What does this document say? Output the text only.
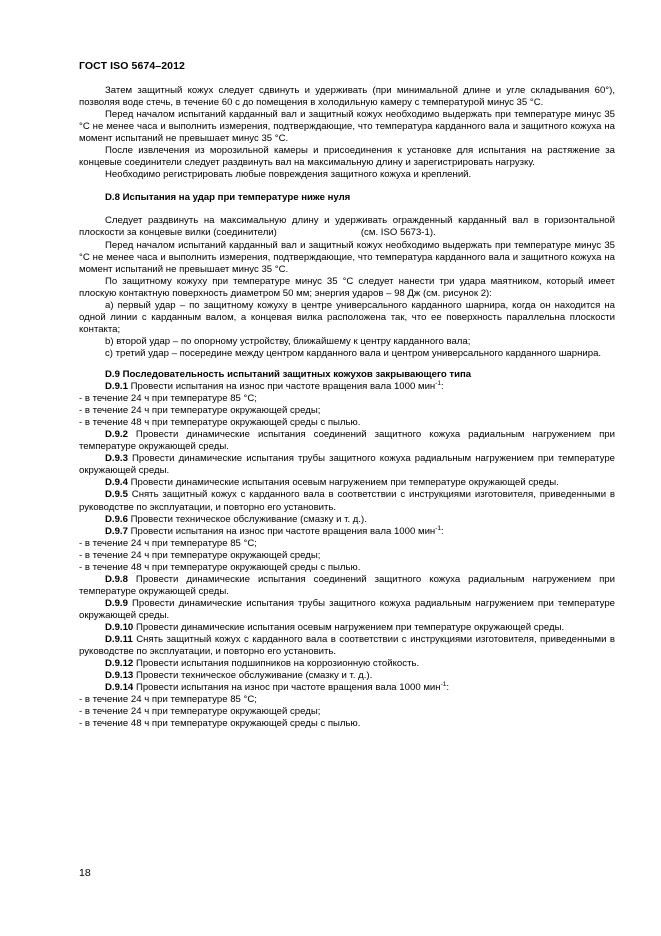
ГОСТ ISO 5674–2012

Затем защитный кожух следует сдвинуть и удерживать (при минимальной длине и угле складывания 60°), позволяя воде стечь, в течение 60 с до помещения в холодильную камеру с температурой минус 35 °С.

Перед началом испытаний карданный вал и защитный кожух необходимо выдержать при температуре минус 35 °С не менее часа и выполнить измерения, подтверждающие, что температура карданного вала и защитного кожуха на момент испытаний не превышает минус 35 °С.

После извлечения из морозильной камеры и присоединения к установке для испытания на растяжение за концевые соединители следует раздвинуть вал на максимальную длину и зарегистрировать нагрузку.

Необходимо регистрировать любые повреждения защитного кожуха и креплений.

D.8 Испытания на удар при температуре ниже нуля

Следует раздвинуть на максимальную длину и удерживать огражденный карданный вал в горизонтальной плоскости за концевые вилки (соединители)	(см. ISO 5673-1).

Перед началом испытаний карданный вал и защитный кожух необходимо выдержать при температуре минус 35 °С не менее часа и выполнить измерения, подтверждающие, что температура карданного вала и защитного кожуха на момент испытаний не превышает минус 35 °С.

По защитному кожуху при температуре минус 35 °С следует нанести три удара маятником, который имеет плоскую контактную поверхность диаметром 50 мм; энергия ударов – 98 Дж (см. рисунок 2):

а) первый удар – по защитному кожуху в центре универсального карданного шарнира, когда он находится на одной линии с карданным валом, а концевая вилка расположена так, что ее поверхность параллельна плоскости контакта;

b) второй удар – по опорному устройству, ближайшему к центру карданного вала;

с) третий удар – посередине между центром карданного вала и центром универсального карданного шарнира.

D.9 Последовательность испытаний защитных кожухов закрывающего типа

D.9.1 Провести испытания на износ при частоте вращения вала 1000 мин$^{-1}$:

- в течение 24 ч при температуре 85 °С;

- в течение 24 ч при температуре окружающей среды;

- в течение 48 ч при температуре окружающей среды с пылью.

D.9.2 Провести динамические испытания соединений защитного кожуха радиальным нагружением при температуре окружающей среды.

D.9.3 Провести динамические испытания трубы защитного кожуха радиальным нагружением при температуре окружающей среды.

D.9.4 Провести динамические испытания осевым нагружением при температуре окружающей среды.

D.9.5 Снять защитный кожух с карданного вала в соответствии с инструкциями изготовителя, приведенными в руководстве по эксплуатации, и повторно его установить.

D.9.6 Провести техническое обслуживание (смазку и т. д.).

D.9.7 Провести испытания на износ при частоте вращения вала 1000 мин$^{-1}$:

- в течение 24 ч при температуре 85 °С;

- в течение 24 ч при температуре окружающей среды;

- в течение 48 ч при температуре окружающей среды с пылью.

D.9.8 Провести динамические испытания соединений защитного кожуха радиальным нагружением при температуре окружающей среды.

D.9.9 Провести динамические испытания трубы защитного кожуха радиальным нагружением при температуре окружающей среды.

D.9.10 Провести динамические испытания осевым нагружением при температуре окружающей среды.

D.9.11 Снять защитный кожух с карданного вала в соответствии с инструкциями изготовителя, приведенными в руководстве по эксплуатации, и повторно его установить.

D.9.12 Провести испытания подшипников на коррозионную стойкость.

D.9.13 Провести техническое обслуживание (смазку и т. д.).

D.9.14 Провести испытания на износ при частоте вращения вала 1000 мин$^{-1}$:

- в течение 24 ч при температуре 85 °С;

- в течение 24 ч при температуре окружающей среды;

- в течение 48 ч при температуре окружающей среды с пылью.

18
